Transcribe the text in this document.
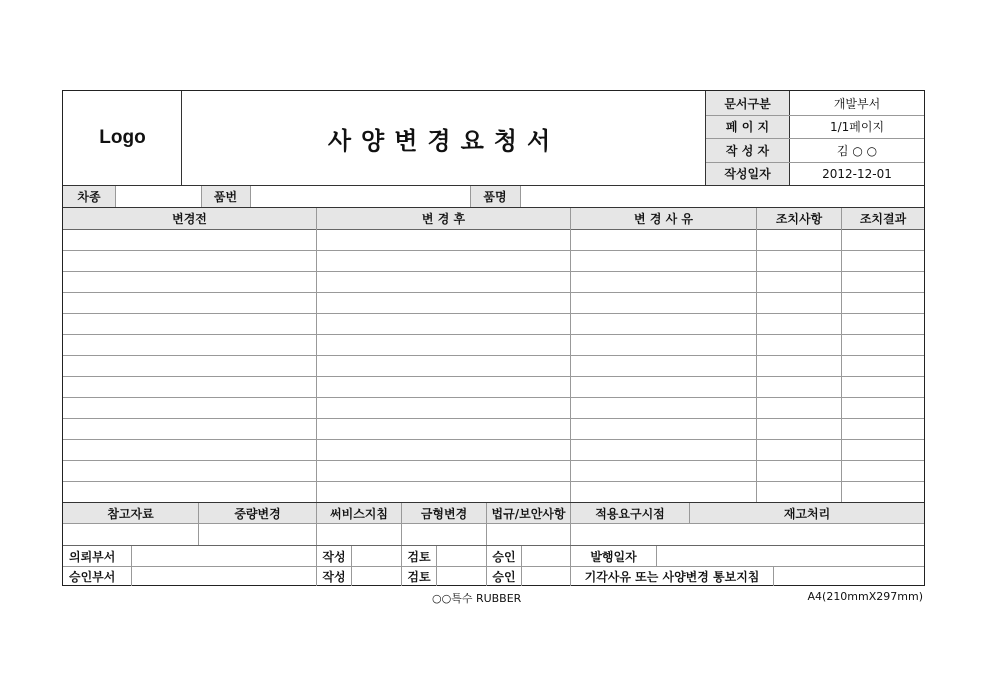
Logo	사양변경요청서
문서구분	개발부서
페 이 지	1/1페이지
작 성 자	김 ○ ○
작성일자	2012-12-01
차종	품번	품명
변경전	변 경 후	변 경 사 유	조치사항	조치결과
참고자료	중량변경	써비스지침	금형변경	법규/보안사항	적용요구시점	재고처리
의뢰부서	작성	검토	승인	발행일자
승인부서	작성	검토	승인	기각사유 또는 사양변경 통보지침
○○특수 RUBBER	A4(210mmX297mm)
